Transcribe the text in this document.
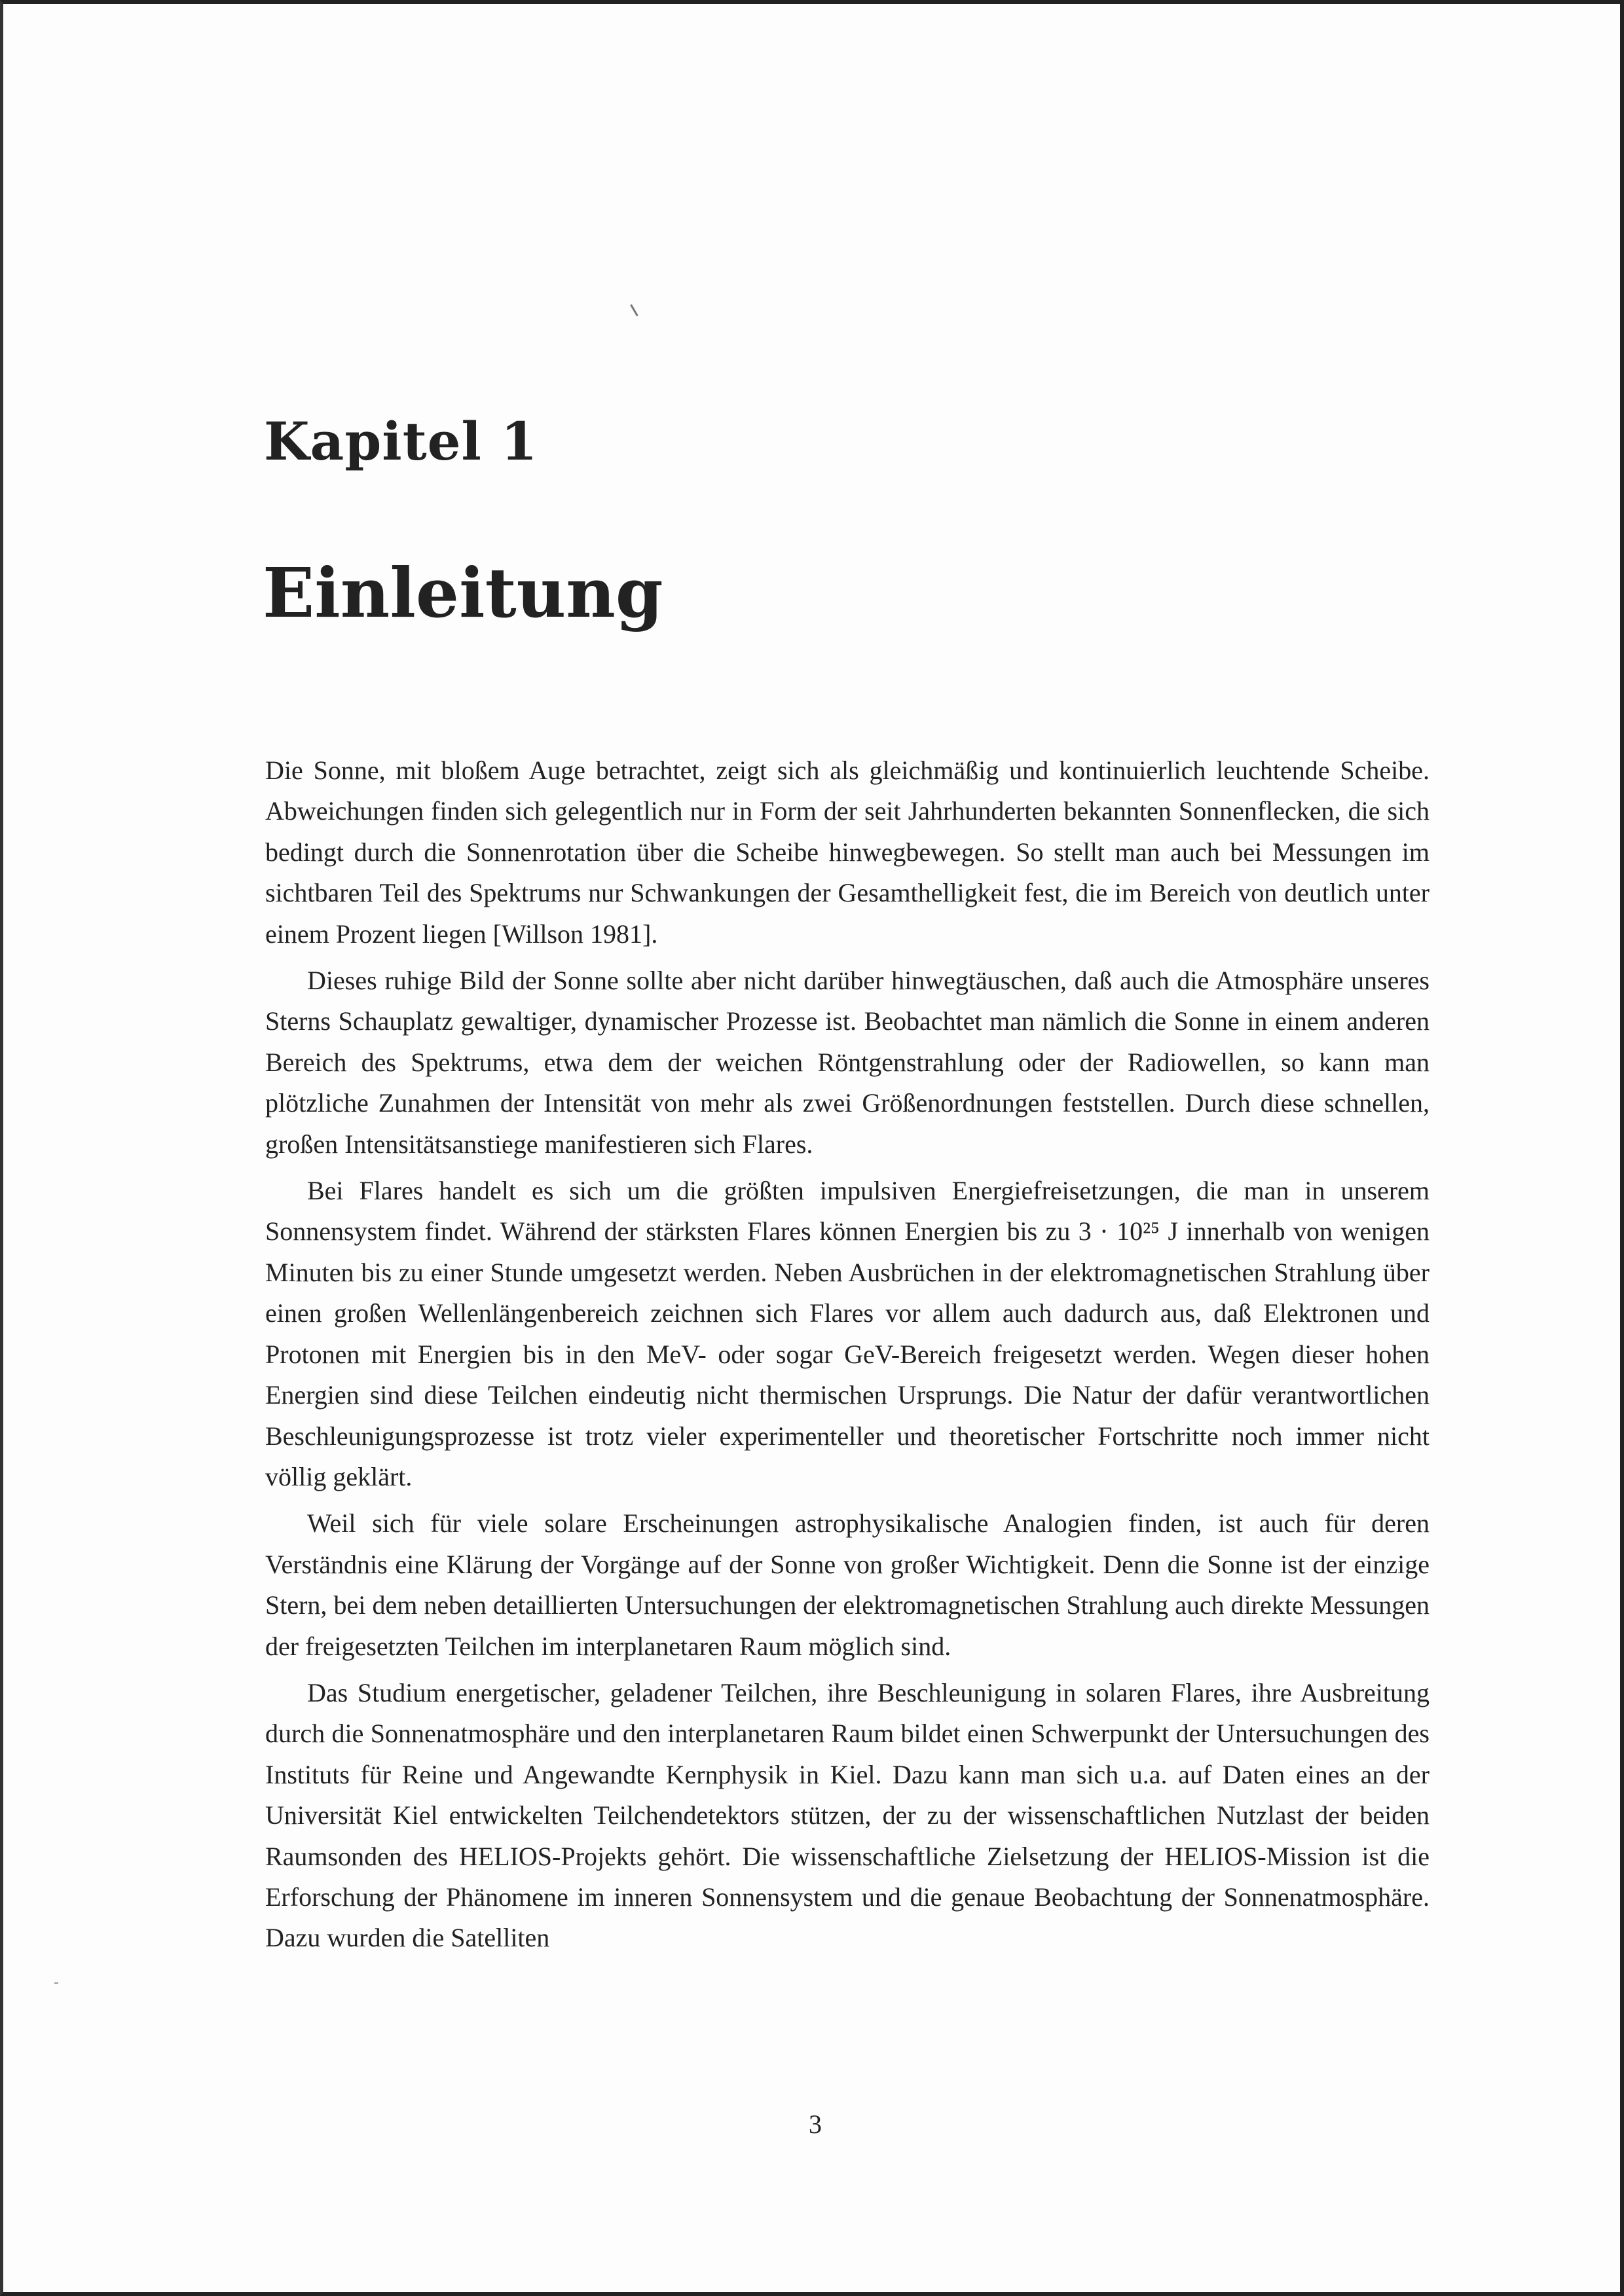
Kapitel 1
Einleitung

Die Sonne, mit bloßem Auge betrachtet, zeigt sich als gleichmäßig und kontinuierlich leuchtende Scheibe. Abweichungen finden sich gelegentlich nur in Form der seit Jahrhunderten bekannten Sonnenflecken, die sich bedingt durch die Sonnenrotation über die Scheibe hinwegbewegen. So stellt man auch bei Messungen im sichtbaren Teil des Spektrums nur Schwankungen der Gesamthelligkeit fest, die im Bereich von deutlich unter einem Prozent liegen [Willson 1981].

Dieses ruhige Bild der Sonne sollte aber nicht darüber hinwegtäuschen, daß auch die Atmosphäre unseres Sterns Schauplatz gewaltiger, dynamischer Prozesse ist. Beobachtet man nämlich die Sonne in einem anderen Bereich des Spektrums, etwa dem der weichen Röntgenstrahlung oder der Radiowellen, so kann man plötzliche Zunahmen der Intensität von mehr als zwei Größenordnungen feststellen. Durch diese schnellen, großen Intensitätsanstiege manifestieren sich Flares.

Bei Flares handelt es sich um die größten impulsiven Energiefreisetzungen, die man in unserem Sonnensystem findet. Während der stärksten Flares können Energien bis zu 3 · 10²⁵ J innerhalb von wenigen Minuten bis zu einer Stunde umgesetzt werden. Neben Ausbrüchen in der elektromagnetischen Strahlung über einen großen Wellenlängenbereich zeichnen sich Flares vor allem auch dadurch aus, daß Elektronen und Protonen mit Energien bis in den MeV- oder sogar GeV-Bereich freigesetzt werden. Wegen dieser hohen Energien sind diese Teilchen eindeutig nicht thermischen Ursprungs. Die Natur der dafür verantwortlichen Beschleunigungsprozesse ist trotz vieler experimenteller und theoretischer Fortschritte noch immer nicht völlig geklärt.

Weil sich für viele solare Erscheinungen astrophysikalische Analogien finden, ist auch für deren Verständnis eine Klärung der Vorgänge auf der Sonne von großer Wichtigkeit. Denn die Sonne ist der einzige Stern, bei dem neben detaillierten Untersuchungen der elektromagnetischen Strahlung auch direkte Messungen der freigesetzten Teilchen im interplanetaren Raum möglich sind.

Das Studium energetischer, geladener Teilchen, ihre Beschleunigung in solaren Flares, ihre Ausbreitung durch die Sonnenatmosphäre und den interplanetaren Raum bildet einen Schwerpunkt der Untersuchungen des Instituts für Reine und Angewandte Kernphysik in Kiel. Dazu kann man sich u.a. auf Daten eines an der Universität Kiel entwickelten Teilchendetektors stützen, der zu der wissenschaftlichen Nutzlast der beiden Raumsonden des HELIOS-Projekts gehört. Die wissenschaftliche Zielsetzung der HELIOS-Mission ist die Erforschung der Phänomene im inneren Sonnensystem und die genaue Beobachtung der Sonnenatmosphäre. Dazu wurden die Satelliten

3
